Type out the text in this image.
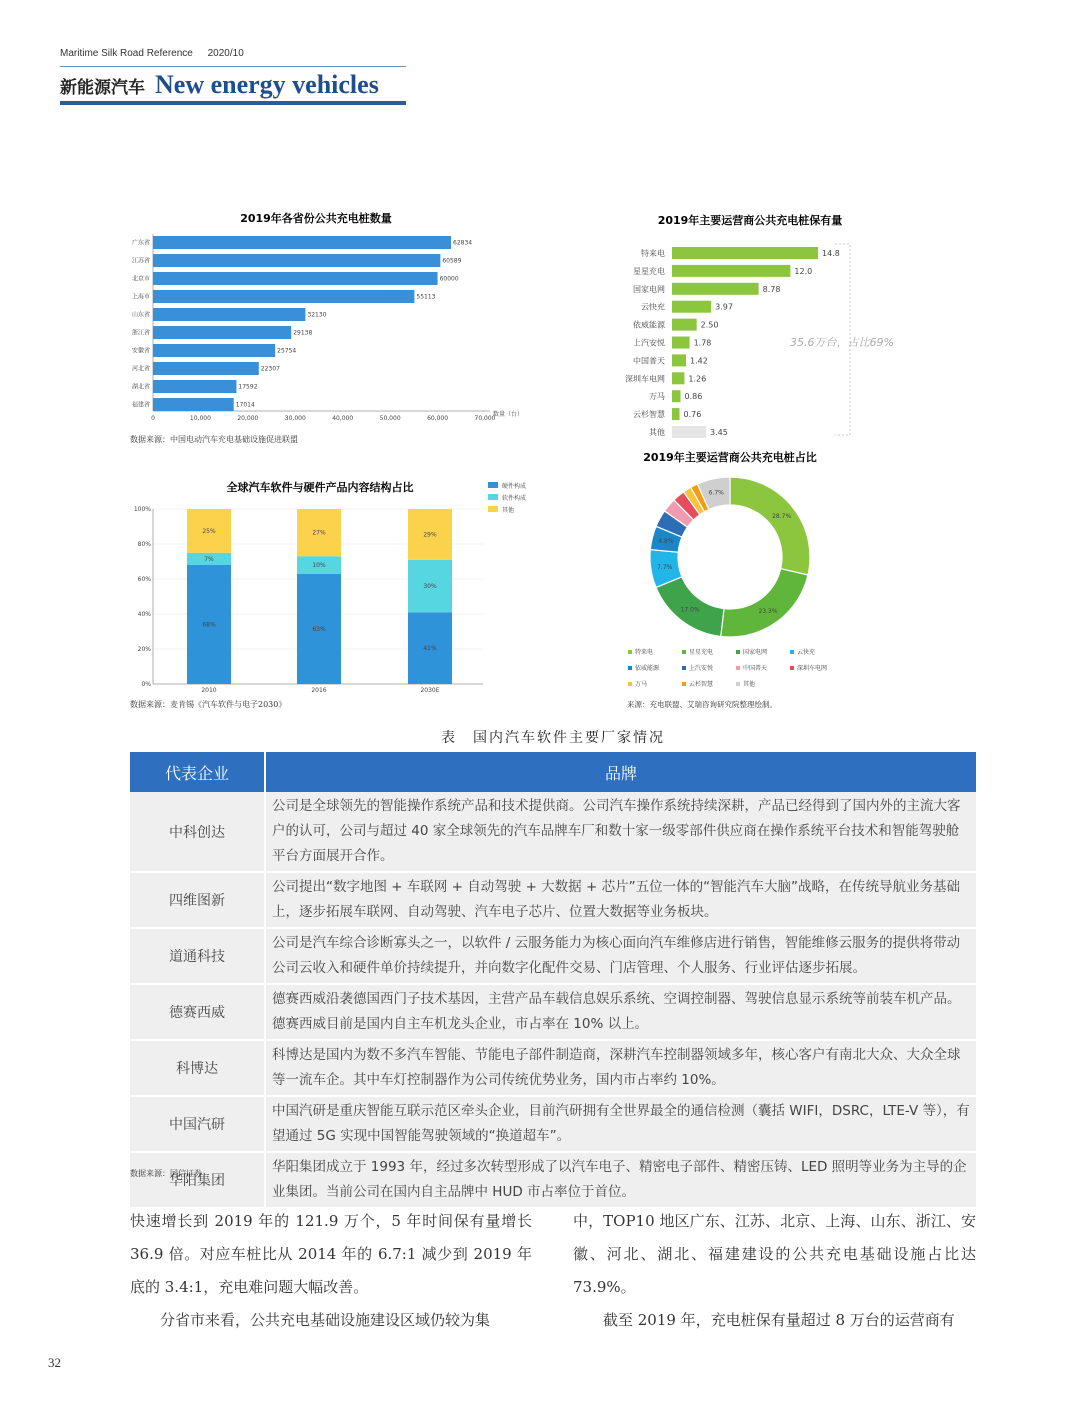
Maritime Silk Road Reference 2020/10
新能源汽车 New energy vehicles
2019年各省份公共充电桩数量
广东省	62834
江苏省	60589
北京市	60000
上海市	55113
山东省	32130
浙江省	29138
安徽省	25754
河北省	22307
湖北省	17592
福建省	17014
0	10,000	20,000	30,000	40,000	50,000	60,000	70,000
数量（台）
数据来源：中国电动汽车充电基础设施促进联盟
2019年主要运营商公共充电桩保有量
特来电	14.8
星星充电	12.0
国家电网	8.78
云快充	3.97
依威能源	2.50
上汽安悦	1.78
中国普天	1.42
深圳车电网	1.26
万马 0.86
云杉智慧 0.76
其他	3.45
35.6万台，占比69%
全球汽车软件与硬件产品内容结构占比
0%
20%
40%
60%
80%
100%
68%
7%
25%
2010
63%
10%
27%
2016
41%
30%
29%
2030E
硬件构成
软件构成
其他
数据来源：麦肯锡《汽车软件与电子2030》
2019年主要运营商公共充电桩占比
28.7%
23.3%
17.0%
7.7%
4.8%
6.7%
特来电	星星充电	国家电网	云快充
依威能源	上汽安悦	中国普天	深圳车电网
万马	云杉智慧	其他
来源：充电联盟、艾瑞咨询研究院整理绘制。
表　国内汽车软件主要厂家情况
代表企业	品牌
中科创达	公司是全球领先的智能操作系统产品和技术提供商。公司汽车操作系统持续深耕，产品已经得到了国内外的主流大客户的认可，公司与超过 40 家全球领先的汽车品牌车厂和数十家一级零部件供应商在操作系统平台技术和智能驾驶舱平台方面展开合作。
四维图新	公司提出“数字地图 + 车联网 + 自动驾驶 + 大数据 + 芯片”五位一体的“智能汽车大脑”战略，在传统导航业务基础上，逐步拓展车联网、自动驾驶、汽车电子芯片、位置大数据等业务板块。
道通科技	公司是汽车综合诊断寡头之一，以软件 / 云服务能力为核心面向汽车维修店进行销售，智能维修云服务的提供将带动公司云收入和硬件单价持续提升，并向数字化配件交易、门店管理、个人服务、行业评估逐步拓展。
德赛西威	德赛西威沿袭德国西门子技术基因，主营产品车载信息娱乐系统、空调控制器、驾驶信息显示系统等前装车机产品。德赛西威目前是国内自主车机龙头企业，市占率在 10% 以上。
科博达	科博达是国内为数不多汽车智能、节能电子部件制造商，深耕汽车控制器领域多年，核心客户有南北大众、大众全球等一流车企。其中车灯控制器作为公司传统优势业务，国内市占率约 10%。
中国汽研	中国汽研是重庆智能互联示范区牵头企业，目前汽研拥有全世界最全的通信检测（囊括 WIFI，DSRC，LTE-V 等），有望通过 5G 实现中国智能驾驶领域的“换道超车”。
华阳集团	华阳集团成立于 1993 年，经过多次转型形成了以汽车电子、精密电子部件、精密压铸、LED 照明等业务为主导的企业集团。当前公司在国内自主品牌中 HUD 市占率位于首位。
数据来源：国信证券

快速增长到 2019 年的 121.9 万个，5 年时间保有量增长 36.9 倍。对应车桩比从 2014 年的 6.7:1 减少到 2019 年底的 3.4:1，充电难问题大幅改善。

分省市来看，公共充电基础设施建设区域仍较为集

中，TOP10 地区广东、江苏、北京、上海、山东、浙江、安徽、河北、湖北、福建建设的公共充电基础设施占比达 73.9%。

截至 2019 年，充电桩保有量超过 8 万台的运营商有

32
